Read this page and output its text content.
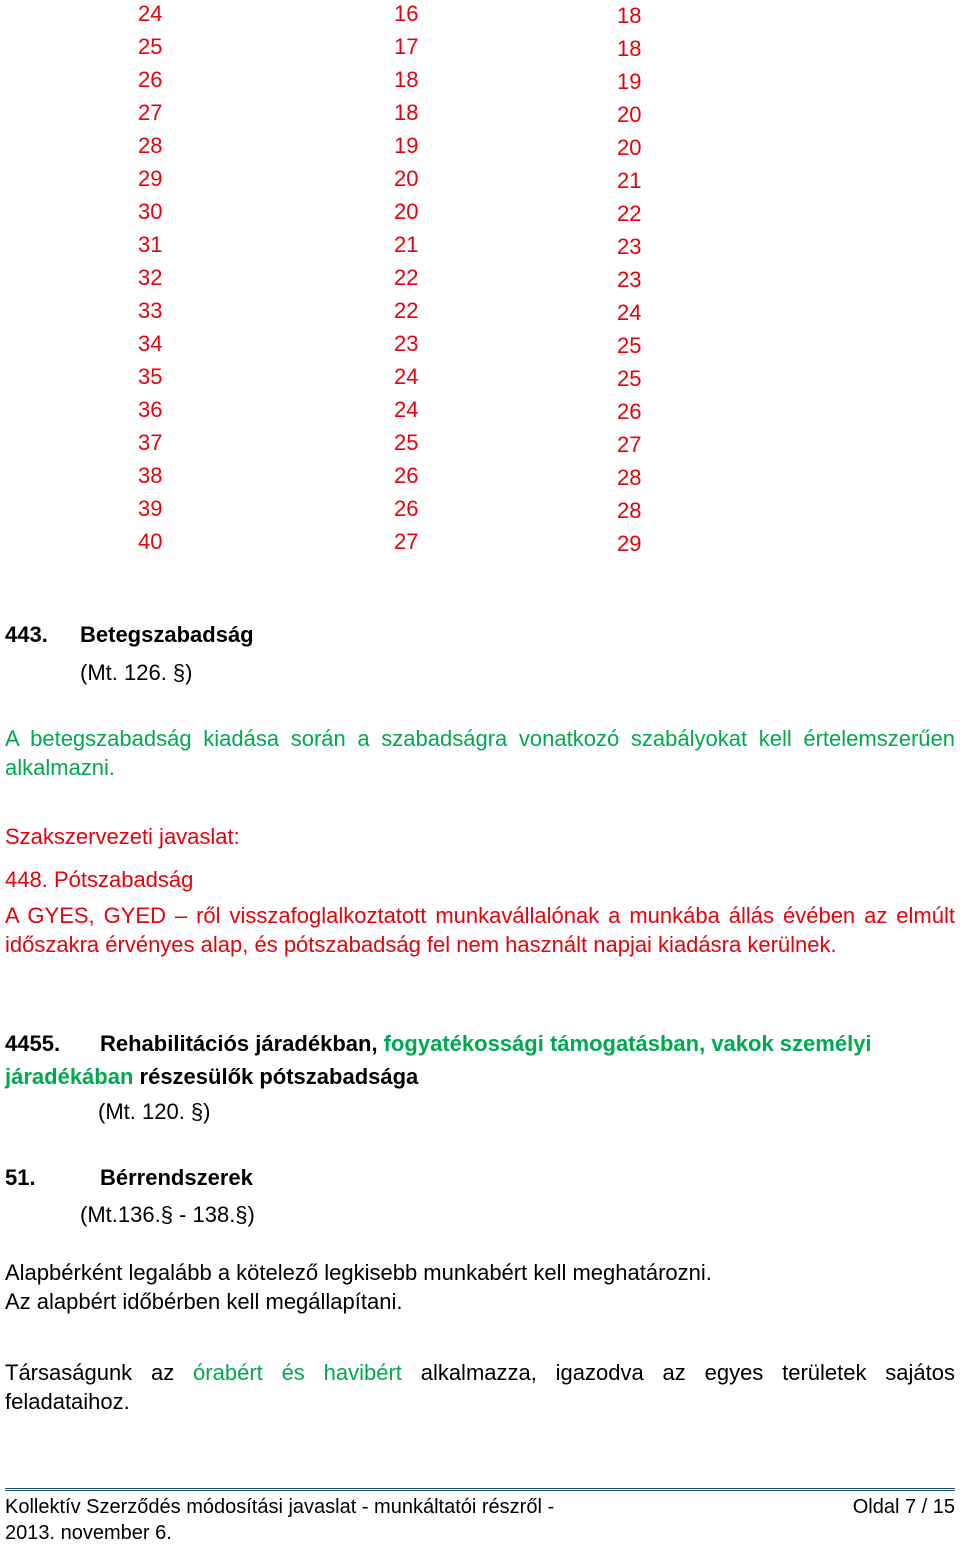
24
25
26
27
28
29
30
31
32
33
34
35
36
37
38
39
40
16
17
18
18
19
20
20
21
22
22
23
24
24
25
26
26
27
18
18
19
20
20
21
22
23
23
24
25
25
26
27
28
28
29
443. Betegszabadság
(Mt. 126. §)
A betegszabadság kiadása során a szabadságra vonatkozó szabályokat kell értelemszerűen alkalmazni.
Szakszervezeti javaslat:
448. Pótszabadság
A GYES, GYED – ről visszafoglalkoztatott munkavállalónak a munkába állás évében az elmúlt időszakra érvényes alap, és pótszabadság fel nem használt napjai kiadásra kerülnek.
4455. Rehabilitációs járadékban, fogyatékossági támogatásban, vakok személyi járadékában részesülők pótszabadsága
(Mt. 120. §)
51.	Bérrendszerek
(Mt.136.§ - 138.§)
Alapbérként legalább a kötelező legkisebb munkabért kell meghatározni.
Az alapbért időbérben kell megállapítani.
Társaságunk az órabért és havibért alkalmazza, igazodva az egyes területek sajátos feladataihoz.
Kollektív Szerződés módosítási javaslat - munkáltatói részről -
2013. november 6.
Oldal 7 / 15
